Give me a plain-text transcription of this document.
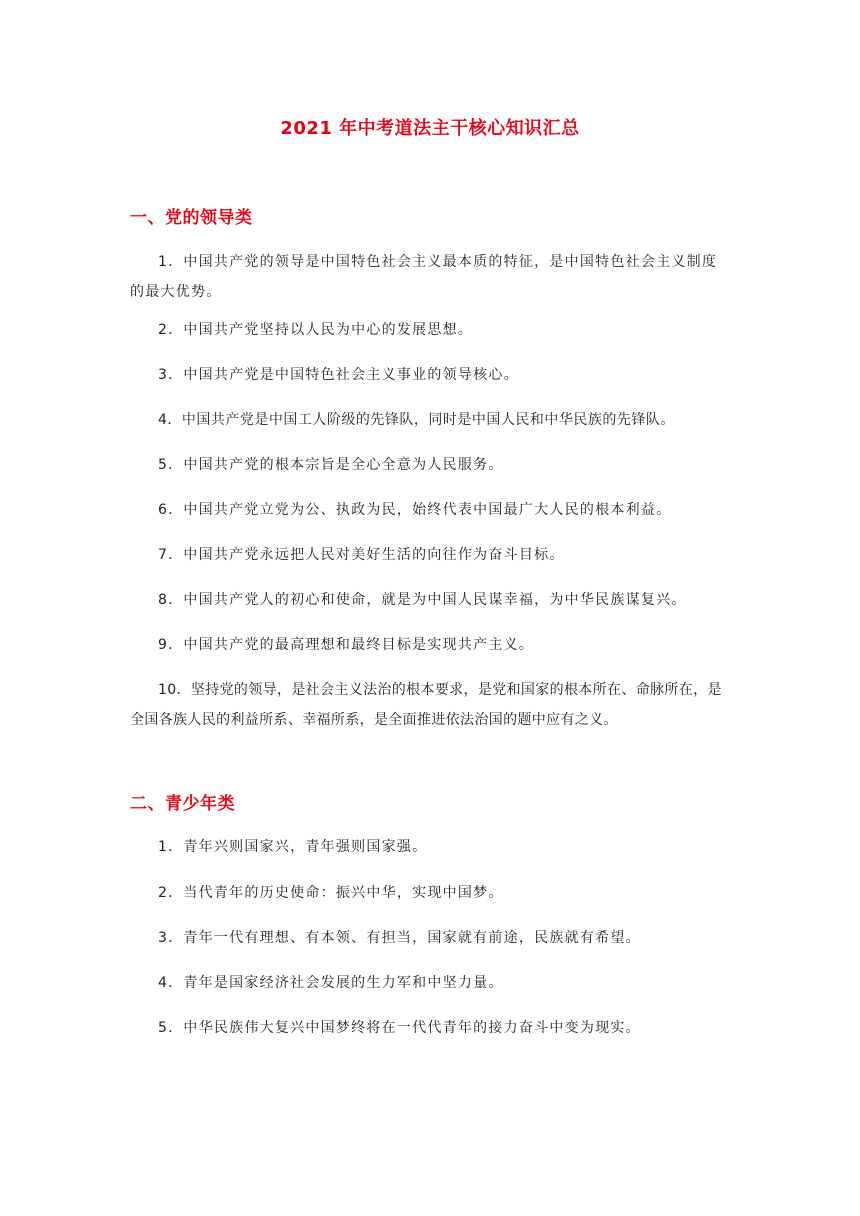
2021 年中考道法主干核心知识汇总
一、党的领导类
1．中国共产党的领导是中国特色社会主义最本质的特征，是中国特色社会主义制度的最大优势。
2．中国共产党坚持以人民为中心的发展思想。
3．中国共产党是中国特色社会主义事业的领导核心。
4．中国共产党是中国工人阶级的先锋队，同时是中国人民和中华民族的先锋队。
5．中国共产党的根本宗旨是全心全意为人民服务。
6．中国共产党立党为公、执政为民，始终代表中国最广大人民的根本利益。
7．中国共产党永远把人民对美好生活的向往作为奋斗目标。
8．中国共产党人的初心和使命，就是为中国人民谋幸福，为中华民族谋复兴。
9．中国共产党的最高理想和最终目标是实现共产主义。
10．坚持党的领导，是社会主义法治的根本要求，是党和国家的根本所在、命脉所在，是全国各族人民的利益所系、幸福所系，是全面推进依法治国的题中应有之义。
二、青少年类
1．青年兴则国家兴，青年强则国家强。
2．当代青年的历史使命：振兴中华，实现中国梦。
3．青年一代有理想、有本领、有担当，国家就有前途，民族就有希望。
4．青年是国家经济社会发展的生力军和中坚力量。
5．中华民族伟大复兴中国梦终将在一代代青年的接力奋斗中变为现实。
